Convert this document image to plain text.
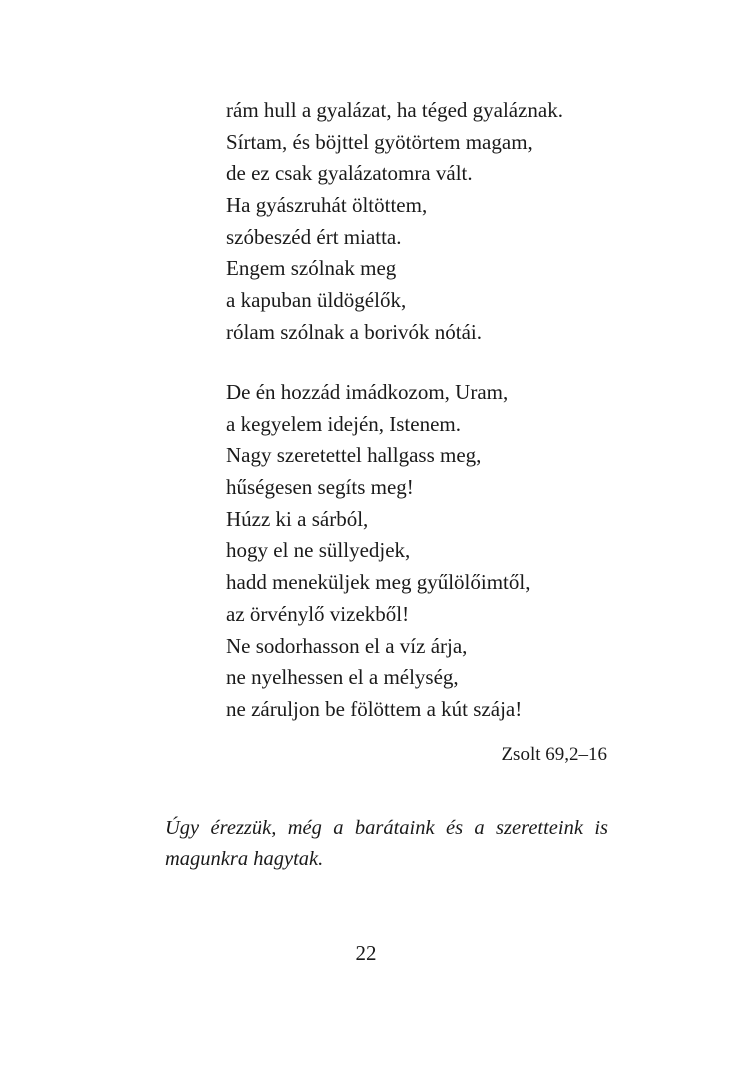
rám hull a gyalázat, ha téged gyaláznak.
Sírtam, és böjttel gyötörtem magam,
de ez csak gyalázatomra vált.
Ha gyászruhát öltöttem,
szóbeszéd ért miatta.
Engem szólnak meg
a kapuban üldögélők,
rólam szólnak a borivók nótái.
De én hozzád imádkozom, Uram,
a kegyelem idején, Istenem.
Nagy szeretettel hallgass meg,
hűségesen segíts meg!
Húzz ki a sárból,
hogy el ne süllyedjek,
hadd meneküljek meg gyűlölőimtől,
az örvénylő vizekből!
Ne sodorhasson el a víz árja,
ne nyelhessen el a mélység,
ne záruljon be fölöttem a kút szája!
Zsolt 69,2–16

Úgy érezzük, még a barátaink és a szeretteink is magunkra hagytak.

22
